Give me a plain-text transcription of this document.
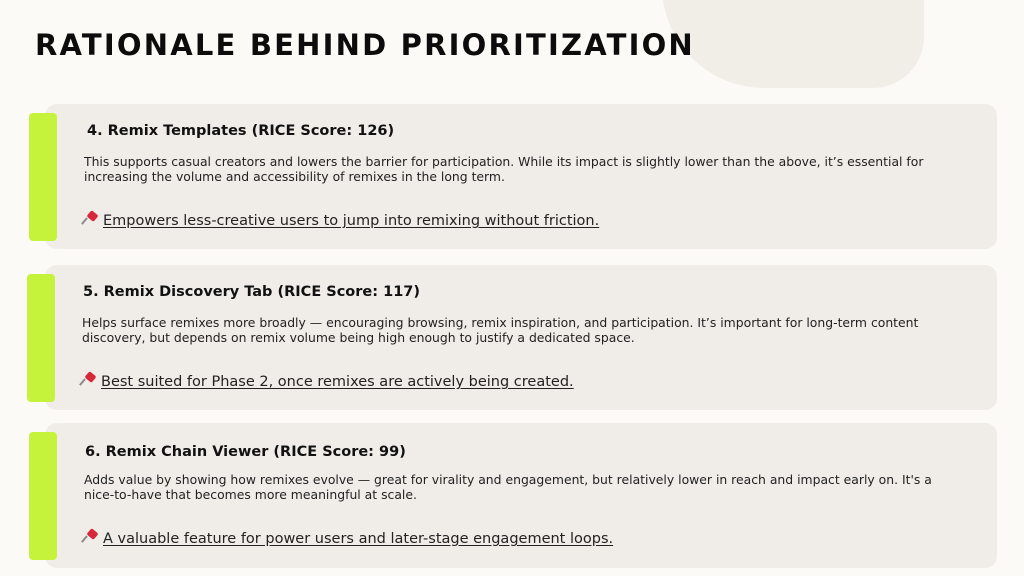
RATIONALE BEHIND PRIORITIZATION
4. Remix Templates (RICE Score: 126)

This supports casual creators and lowers the barrier for participation. While its impact is slightly lower than the above, it’s essential for increasing the volume and accessibility of remixes in the long term.

Empowers less-creative users to jump into remixing without friction.
5. Remix Discovery Tab (RICE Score: 117)

Helps surface remixes more broadly — encouraging browsing, remix inspiration, and participation. It’s important for long-term content discovery, but depends on remix volume being high enough to justify a dedicated space.

Best suited for Phase 2, once remixes are actively being created.
6. Remix Chain Viewer (RICE Score: 99)

Adds value by showing how remixes evolve — great for virality and engagement, but relatively lower in reach and impact early on. It's a nice-to-have that becomes more meaningful at scale.

A valuable feature for power users and later-stage engagement loops.
